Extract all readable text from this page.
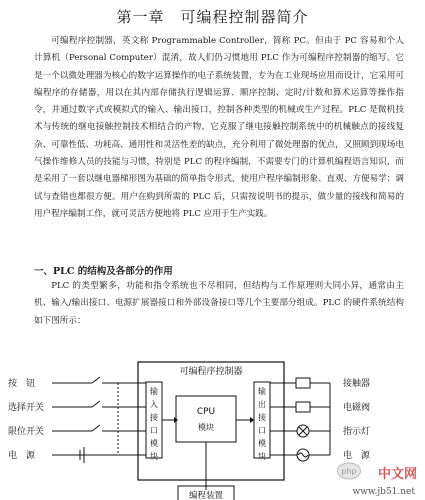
第一章　可编程控制器简介
可编程序控制器，英文称 Programmable Controller，简称 PC。但由于 PC 容易和个人计算机（Personal Computer）混淆，故人们仍习惯地用 PLC 作为可编程序控制器的缩写。它是一个以微处理器为核心的数字运算操作的电子系统装置，专为在工业现场应用而设计，它采用可编程序的存储器，用以在其内部存储执行逻辑运算、顺序控制、定时/计数和算术运算等操作指令，并通过数字式或模拟式的输入、输出接口，控制各种类型的机械或生产过程。PLC 是微机技术与传统的继电接触控制技术相结合的产物，它克服了继电接触控制系统中的机械触点的接线复杂、可靠性低、功耗高、通用性和灵活性差的缺点，充分利用了微处理器的优点，又照顾到现场电气操作维修人员的技能与习惯，特别是 PLC 的程序编制，不需要专门的计算机编程语言知识，而是采用了一套以继电器梯形图为基础的简单指令形式，使用户程序编制形象、直观、方便易学；调试与查错也都很方便。用户在购到所需的 PLC 后，只需按说明书的提示，做少量的接线和简易的用户程序编制工作，就可灵活方便地将 PLC 应用于生产实践。
一、PLC 的结构及各部分的作用
PLC 的类型繁多，功能和指令系统也不尽相同，但结构与工作原理则大同小异，通常由主机、输入/输出接口、电源扩展器接口和外部设备接口等几个主要部分组成。PLC 的硬件系统结构如下图所示：
可编程序控制器
输入接口模块
CPU
模块
输出接口模块
按　钮
选择开关
限位开关
电　源
接触器
电磁阀
指示灯
电　源
编程装置
php 中文网
www.jb51.net
